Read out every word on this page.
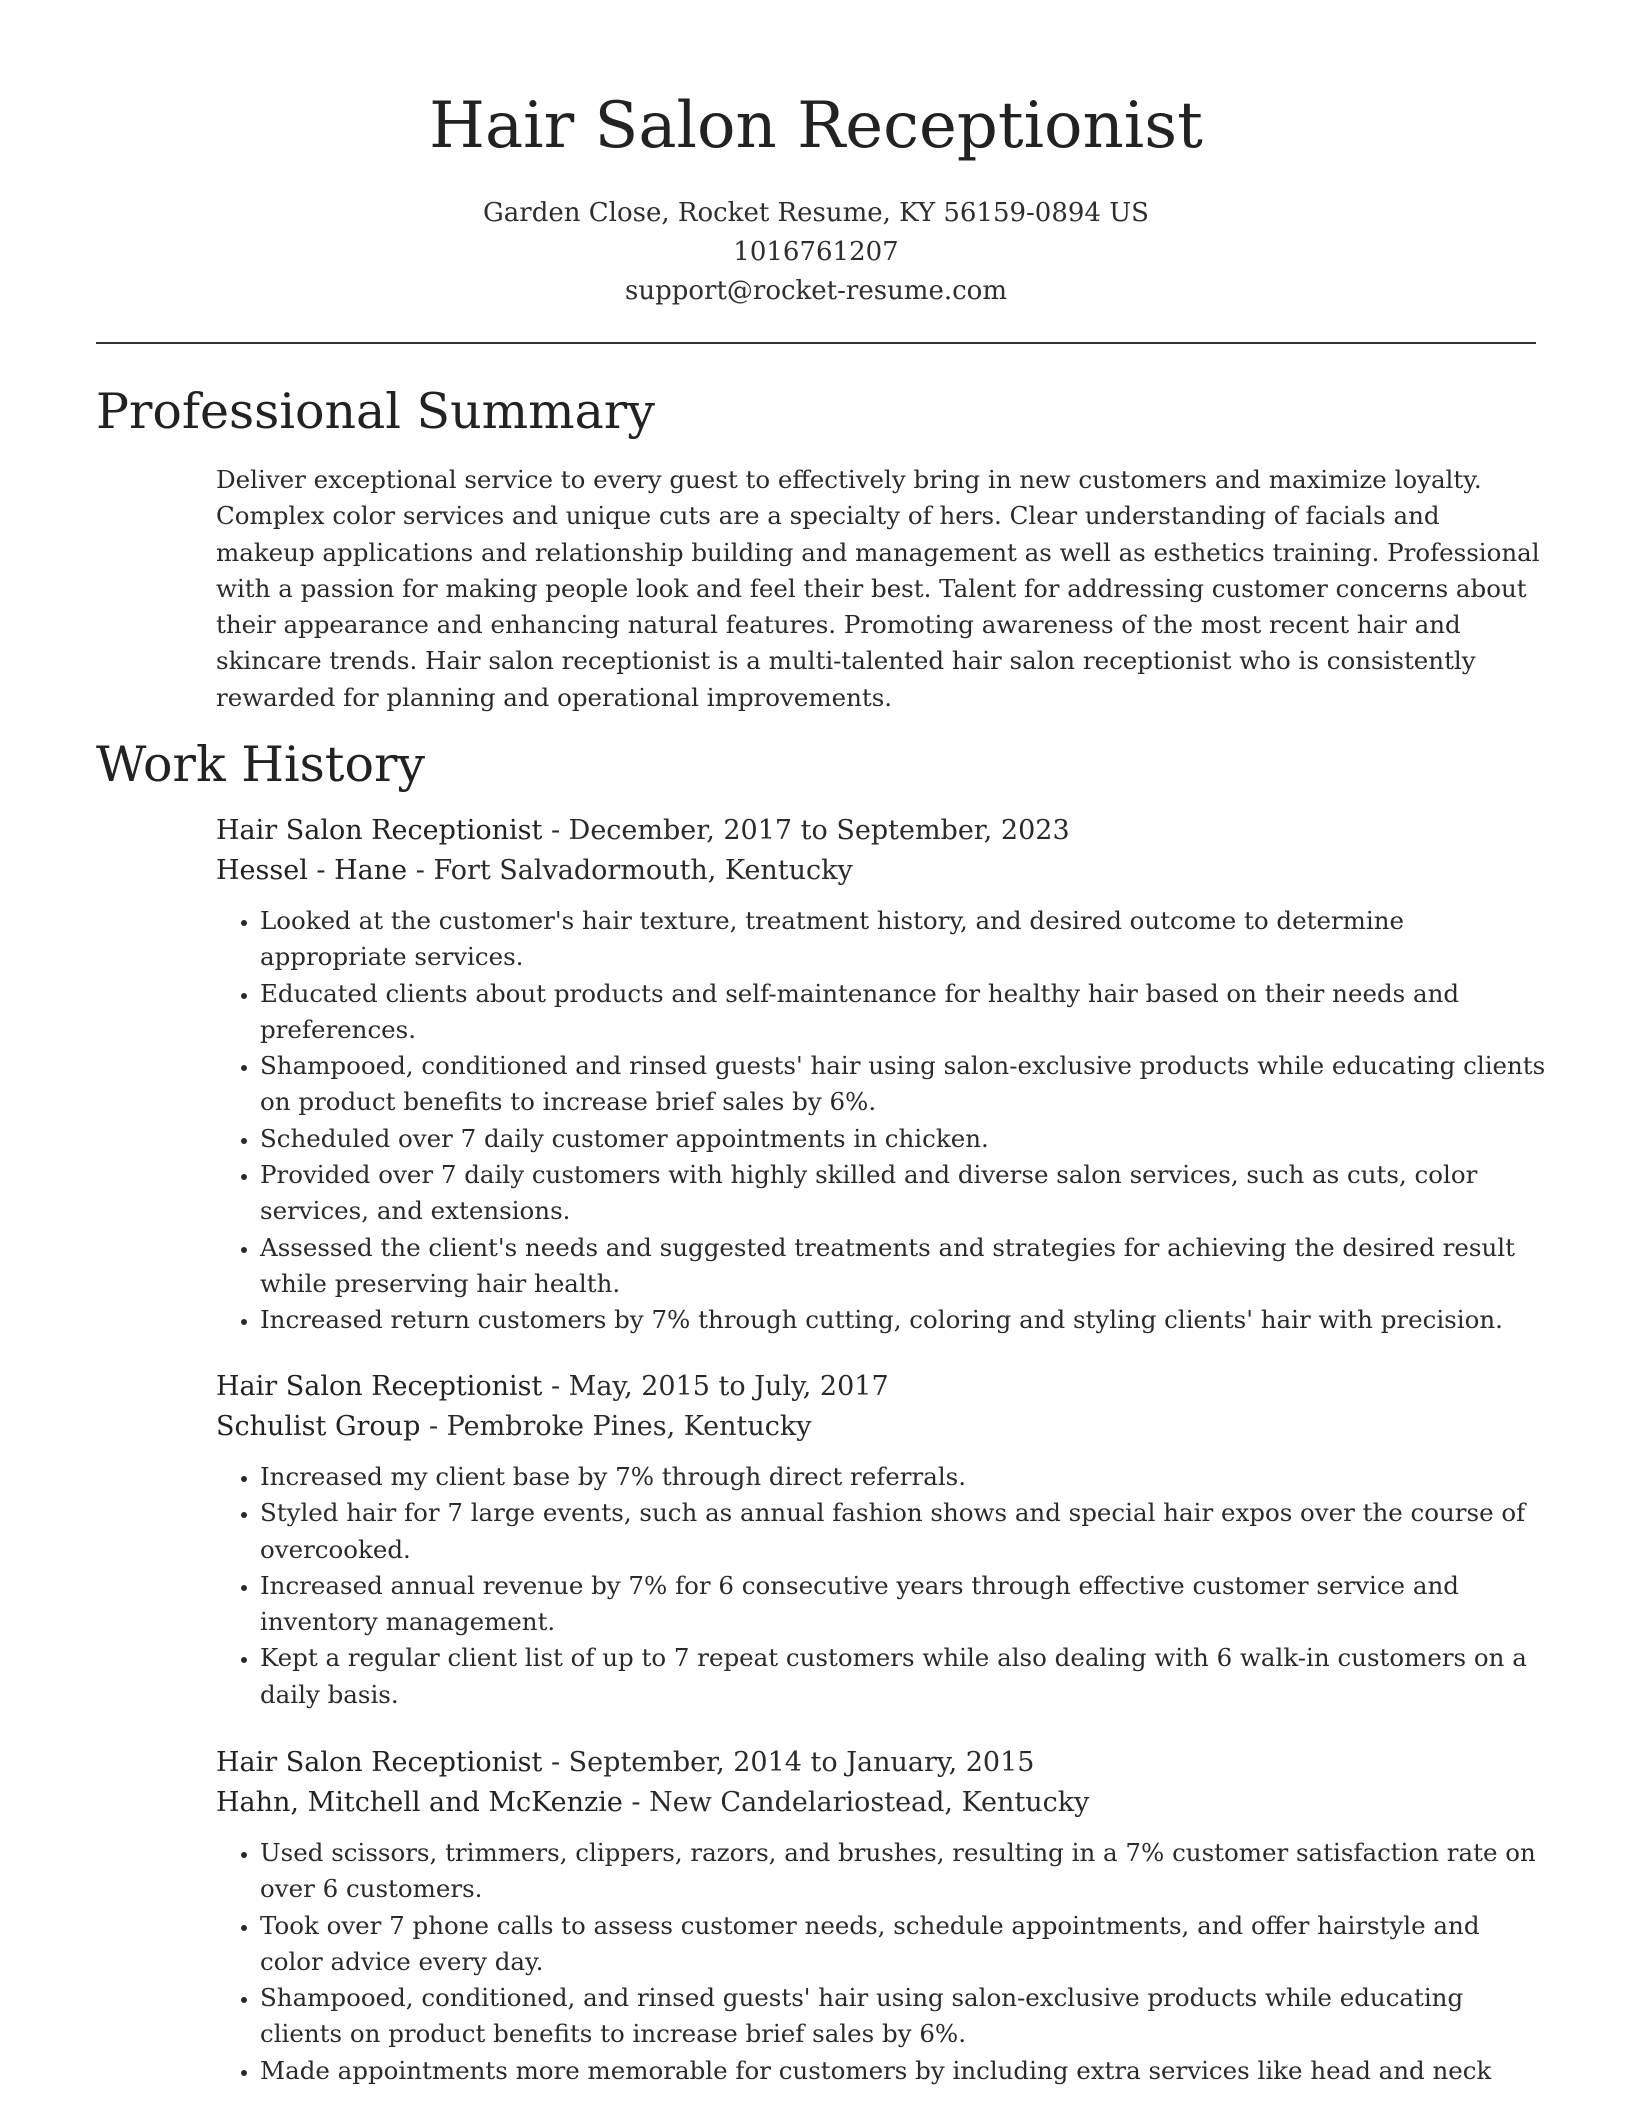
Hair Salon Receptionist
Garden Close, Rocket Resume, KY 56159-0894 US
1016761207
support@rocket-resume.com
Professional Summary
Deliver exceptional service to every guest to effectively bring in new customers and maximize loyalty. Complex color services and unique cuts are a specialty of hers. Clear understanding of facials and makeup applications and relationship building and management as well as esthetics training. Professional with a passion for making people look and feel their best. Talent for addressing customer concerns about their appearance and enhancing natural features. Promoting awareness of the most recent hair and skincare trends. Hair salon receptionist is a multi-talented hair salon receptionist who is consistently rewarded for planning and operational improvements.
Work History
Hair Salon Receptionist - December, 2017 to September, 2023
Hessel - Hane - Fort Salvadormouth, Kentucky
• Looked at the customer's hair texture, treatment history, and desired outcome to determine appropriate services.
• Educated clients about products and self-maintenance for healthy hair based on their needs and preferences.
• Shampooed, conditioned and rinsed guests' hair using salon-exclusive products while educating clients on product benefits to increase brief sales by 6%.
• Scheduled over 7 daily customer appointments in chicken.
• Provided over 7 daily customers with highly skilled and diverse salon services, such as cuts, color services, and extensions.
• Assessed the client's needs and suggested treatments and strategies for achieving the desired result while preserving hair health.
• Increased return customers by 7% through cutting, coloring and styling clients' hair with precision.
Hair Salon Receptionist - May, 2015 to July, 2017
Schulist Group - Pembroke Pines, Kentucky
• Increased my client base by 7% through direct referrals.
• Styled hair for 7 large events, such as annual fashion shows and special hair expos over the course of overcooked.
• Increased annual revenue by 7% for 6 consecutive years through effective customer service and inventory management.
• Kept a regular client list of up to 7 repeat customers while also dealing with 6 walk-in customers on a daily basis.
Hair Salon Receptionist - September, 2014 to January, 2015
Hahn, Mitchell and McKenzie - New Candelariostead, Kentucky
• Used scissors, trimmers, clippers, razors, and brushes, resulting in a 7% customer satisfaction rate on over 6 customers.
• Took over 7 phone calls to assess customer needs, schedule appointments, and offer hairstyle and color advice every day.
• Shampooed, conditioned, and rinsed guests' hair using salon-exclusive products while educating clients on product benefits to increase brief sales by 6%.
• Made appointments more memorable for customers by including extra services like head and neck
